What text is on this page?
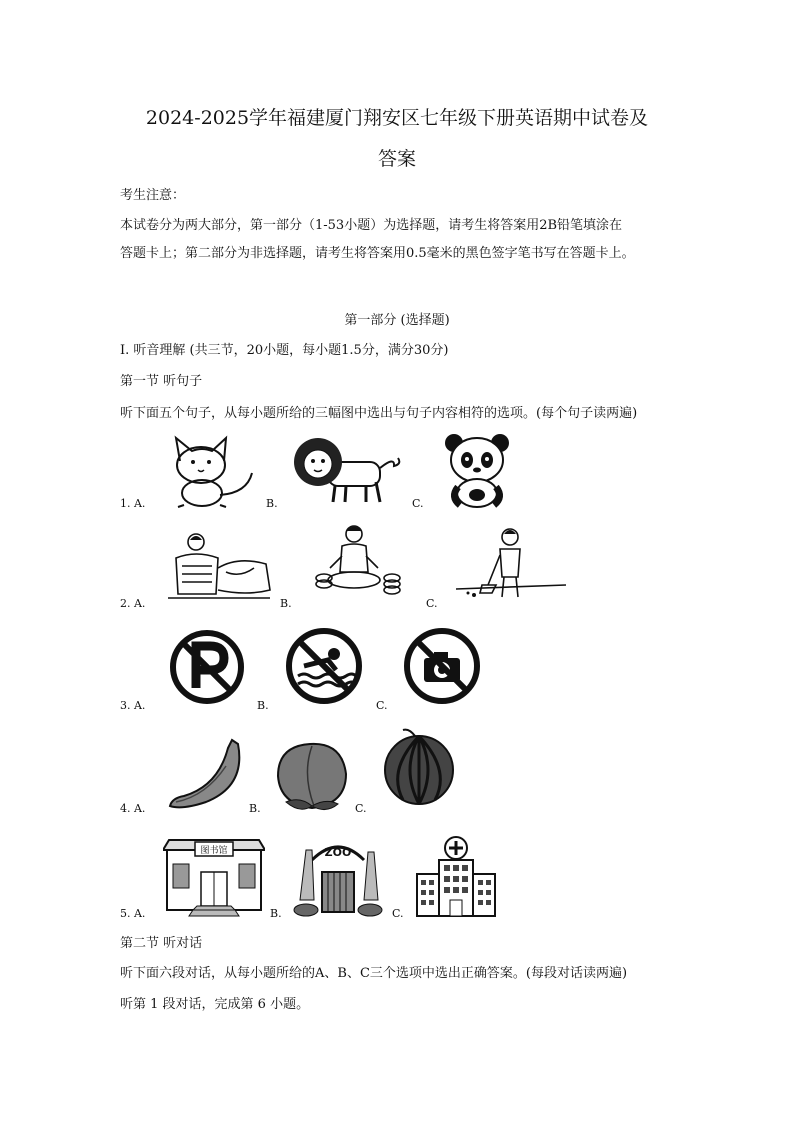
2024-2025学年福建厦门翔安区七年级下册英语期中试卷及
答案
考生注意：
本试卷分为两大部分，第一部分（1-53小题）为选择题，请考生将答案用2B铅笔填涂在
答题卡上；第二部分为非选择题，请考生将答案用0.5毫米的黑色签字笔书写在答题卡上。
第一部分 (选择题)
I. 听音理解 (共三节，20小题，每小题1.5分，满分30分)
第一节 听句子
听下面五个句子，从每小题所给的三幅图中选出与句子内容相符的选项。(每个句子读两遍)
1. A.	B.	C.
2. A.	B.	C.
3. A.	B.	C.
4. A.	B.	C.
5. A.	B.	C.
图书馆	ZOO
第二节 听对话
听下面六段对话，从每小题所给的A、B、C三个选项中选出正确答案。(每段对话读两遍)
听第 1 段对话，完成第 6 小题。
